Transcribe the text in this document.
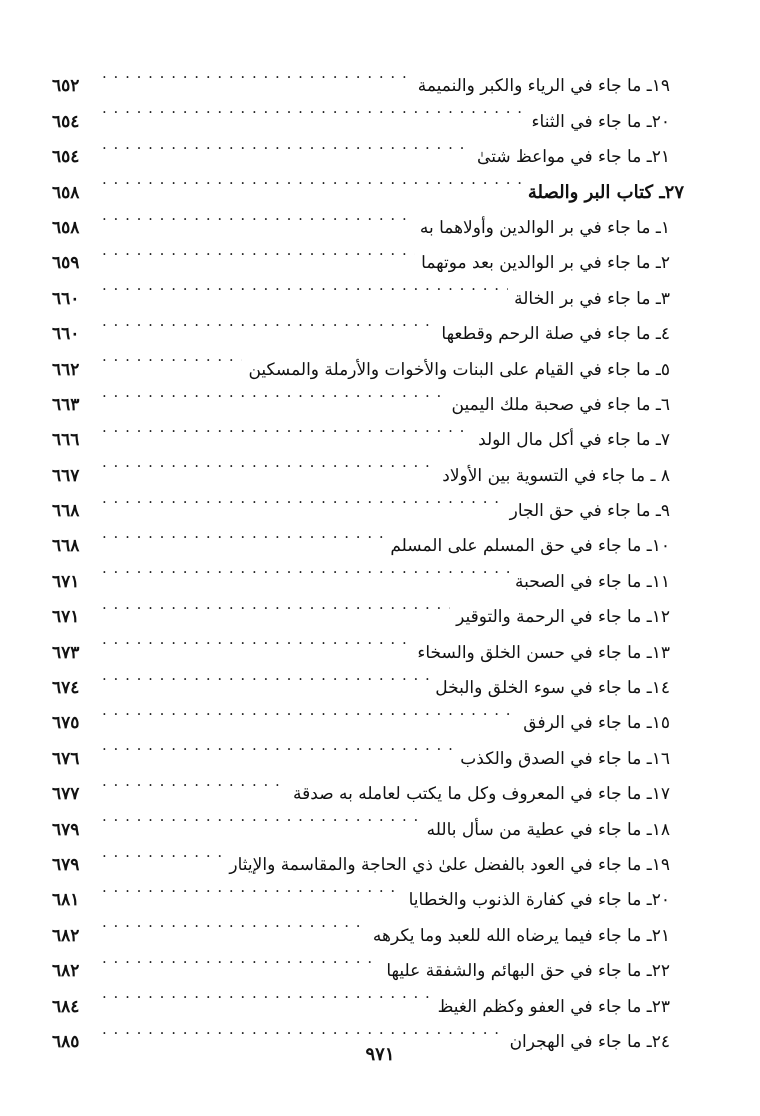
١٩ـ ما جاء في الرياء والكبر والنميمة
. . .
٦٥٢
٢٠ـ ما جاء في الثناء
. . .
٦٥٤
٢١ـ ما جاء في مواعظ شتىٰ
. . .
٦٥٤
٢٧ـ كتاب البر والصلة
. . .
٦٥٨
١ـ ما جاء في بر الوالدين وأولاهما به
. . .
٦٥٨
٢ـ ما جاء في بر الوالدين بعد موتهما
. . .
٦٥٩
٣ـ ما جاء في بر الخالة
. . .
٦٦٠
٤ـ ما جاء في صلة الرحم وقطعها
. . .
٦٦٠
٥ـ ما جاء في القيام على البنات والأخوات والأرملة والمسكين
. . .
٦٦٢
٦ـ ما جاء في صحبة ملك اليمين
. . .
٦٦٣
٧ـ ما جاء في أكل مال الولد
. . .
٦٦٦
٨ ـ ما جاء في التسوية بين الأولاد
. . .
٦٦٧
٩ـ ما جاء في حق الجار
. . .
٦٦٨
١٠ـ ما جاء في حق المسلم على المسلم
. . .
٦٦٨
١١ـ ما جاء في الصحبة
. . .
٦٧١
١٢ـ ما جاء في الرحمة والتوقير
. . .
٦٧١
١٣ـ ما جاء في حسن الخلق والسخاء
. . .
٦٧٣
١٤ـ ما جاء في سوء الخلق والبخل
. . .
٦٧٤
١٥ـ ما جاء في الرفق
. . .
٦٧٥
١٦ـ ما جاء في الصدق والكذب
. . .
٦٧٦
١٧ـ ما جاء في المعروف وكل ما يكتب لعامله به صدقة
. . .
٦٧٧
١٨ـ ما جاء في عطية من سأل بالله
. . .
٦٧٩
١٩ـ ما جاء في العود بالفضل علىٰ ذي الحاجة والمقاسمة والإيثار
. . .
٦٧٩
٢٠ـ ما جاء في كفارة الذنوب والخطايا
. . .
٦٨١
٢١ـ ما جاء فيما يرضاه الله للعبد وما يكرهه
. . .
٦٨٢
٢٢ـ ما جاء في حق البهائم والشفقة عليها
. . .
٦٨٢
٢٣ـ ما جاء في العفو وكظم الغيظ
. . .
٦٨٤
٢٤ـ ما جاء في الهجران
. . .
٦٨٥
٩٧١
